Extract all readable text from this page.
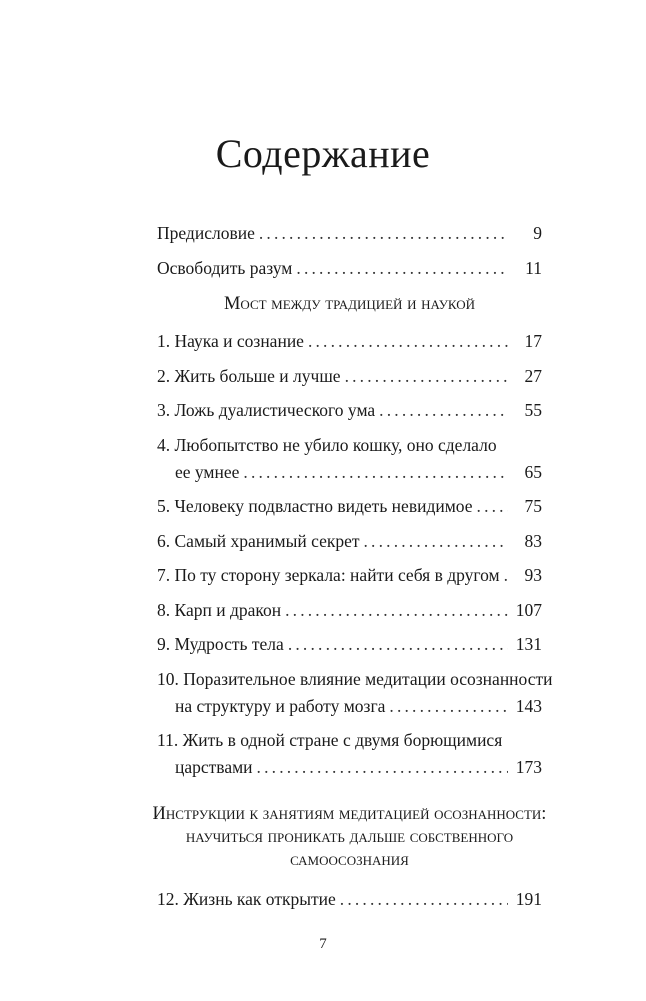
Содержание
Предисловие . . .	9
Освободить разум . . .	11
Мост между традицией и наукой
1. Наука и сознание . . .	17
2. Жить больше и лучше . . .	27
3. Ложь дуалистического ума . . .	55
4. Любопытство не убило кошку, оно сделало
ее умнее . . .	65
5. Человеку подвластно видеть невидимое . . .	75
6. Самый хранимый секрет . . .	83
7. По ту сторону зеркала: найти себя в другом . . .	93
8. Карп и дракон . . .	107
9. Мудрость тела . . .	131
10. Поразительное влияние медитации осознанности
на структуру и работу мозга . . .	143
11. Жить в одной стране с двумя борющимися
царствами . . .	173
Инструкции к занятиям медитацией осознанности:
научиться проникать дальше собственного
самоосознания
12. Жизнь как открытие . . .	191
7
